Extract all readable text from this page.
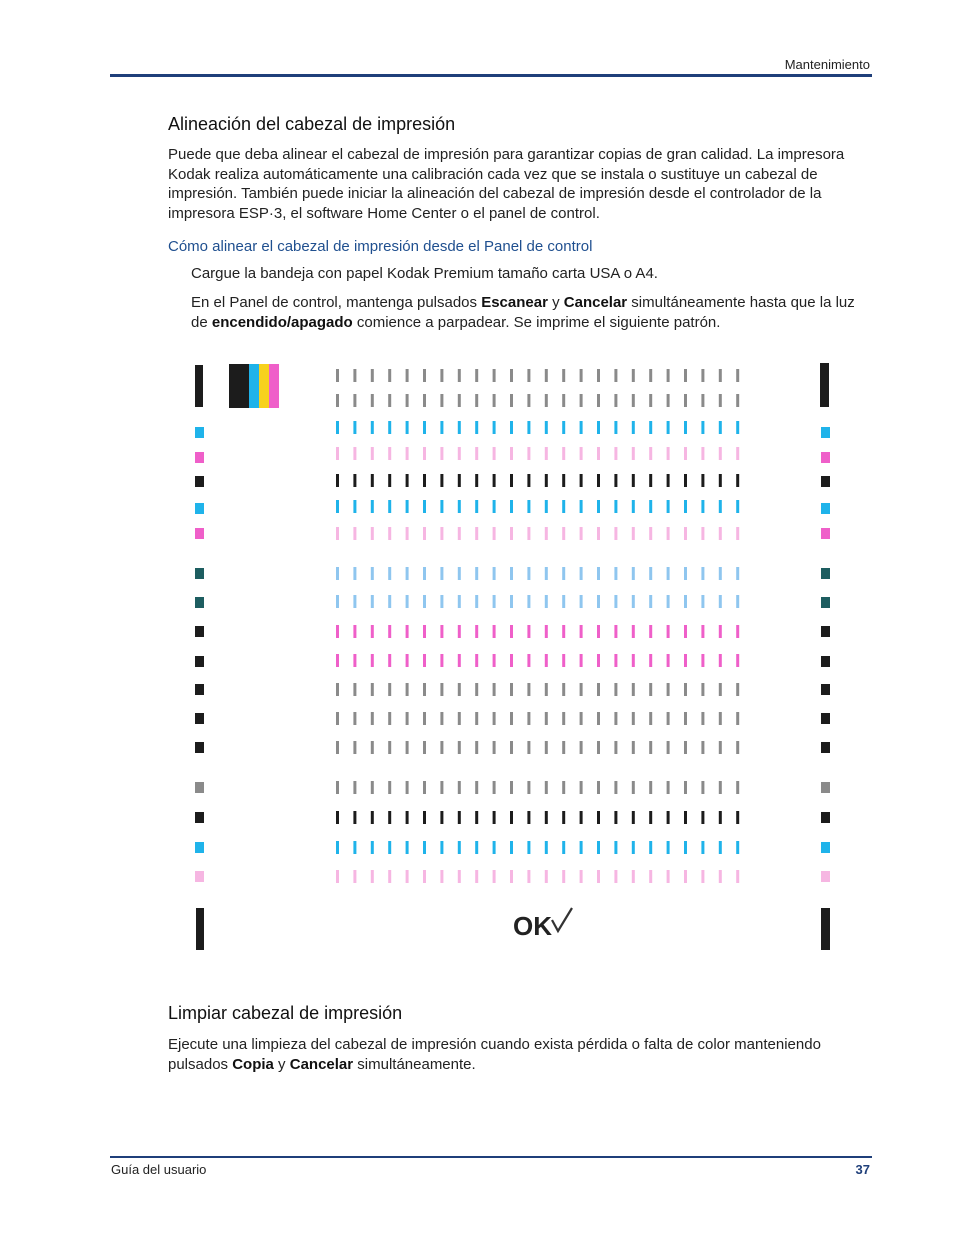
Mantenimiento
Alineación del cabezal de impresión

Puede que deba alinear el cabezal de impresión para garantizar copias de gran calidad. La impresora Kodak realiza automáticamente una calibración cada vez que se instala o sustituye un cabezal de impresión. También puede iniciar la alineación del cabezal de impresión desde el controlador de la impresora ESP·3, el software Home Center o el panel de control.

Cómo alinear el cabezal de impresión desde el Panel de control

Cargue la bandeja con papel Kodak Premium tamaño carta USA o A4.

En el Panel de control, mantenga pulsados Escanear y Cancelar simultáneamente hasta que la luz de encendido/apagado comience a parpadear. Se imprime el siguiente patrón.

OK
Limpiar cabezal de impresión

Ejecute una limpieza del cabezal de impresión cuando exista pérdida o falta de color manteniendo pulsados Copia y Cancelar simultáneamente.

Guía del usuario	37
